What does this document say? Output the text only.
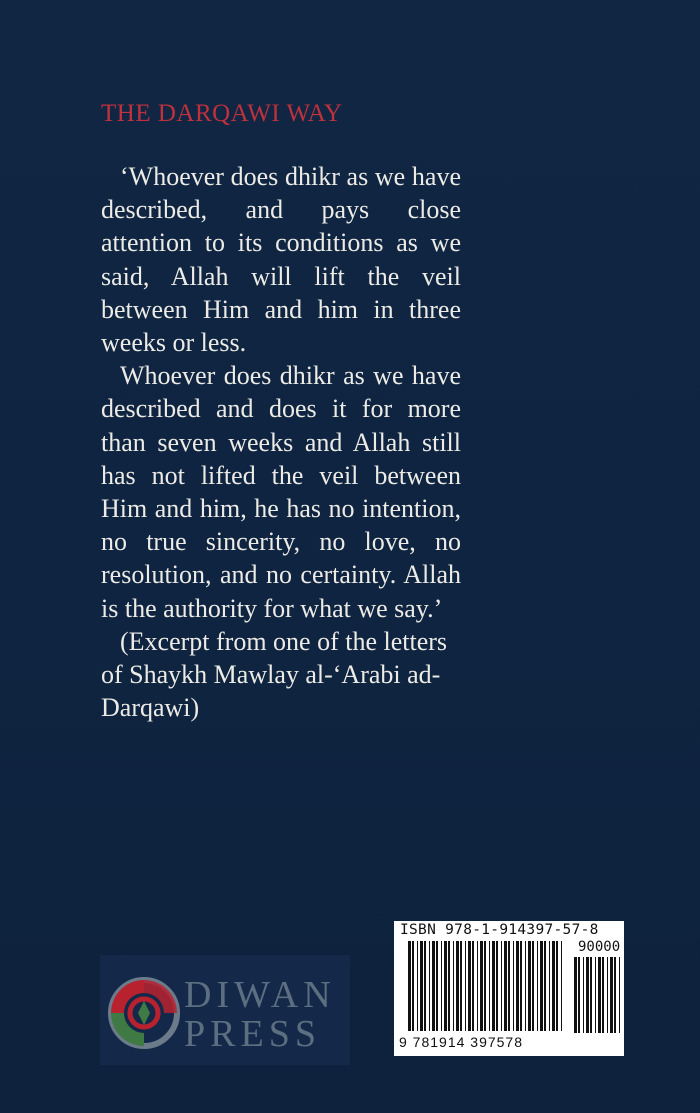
THE DARQAWI WAY

‘Whoever does dhikr as we have described, and pays close attention to its conditions as we said, Allah will lift the veil between Him and him in three weeks or less.

Whoever does dhikr as we have described and does it for more than seven weeks and Allah still has not lifted the veil between Him and him, he has no intention, no true sincerity, no love, no resolution, and no certainty. Allah is the authority for what we say.’

(Excerpt from one of the letters of Shaykh Mawlay al-‘Arabi ad-Darqawi)

DIWAN
PRESS
ISBN 978-1-914397-57-8
90000
9 781914 397578
